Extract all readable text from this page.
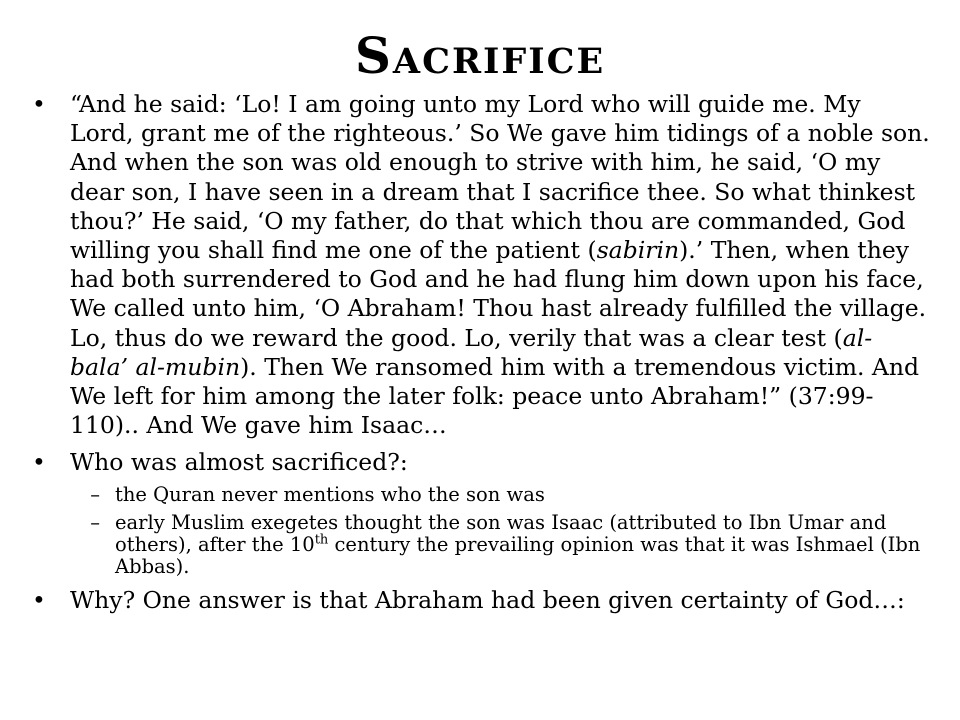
Sacrifice
• “And he said: ‘Lo! I am going unto my Lord who will guide me. My Lord, grant me of the righteous.’ So We gave him tidings of a noble son. And when the son was old enough to strive with him, he said, ‘O my dear son, I have seen in a dream that I sacrifice thee. So what thinkest thou?’ He said, ‘O my father, do that which thou are commanded, God willing you shall find me one of the patient (sabirin).’ Then, when they had both surrendered to God and he had flung him down upon his face, We called unto him, ‘O Abraham! Thou hast already fulfilled the village. Lo, thus do we reward the good. Lo, verily that was a clear test (al-bala’ al-mubin). Then We ransomed him with a tremendous victim. And We left for him among the later folk: peace unto Abraham!” (37:99-110).. And We gave him Isaac…
• Who was almost sacrificed?:
– the Quran never mentions who the son was
– early Muslim exegetes thought the son was Isaac (attributed to Ibn Umar and others), after the 10th century the prevailing opinion was that it was Ishmael (Ibn Abbas).
• Why? One answer is that Abraham had been given certainty of God…:
